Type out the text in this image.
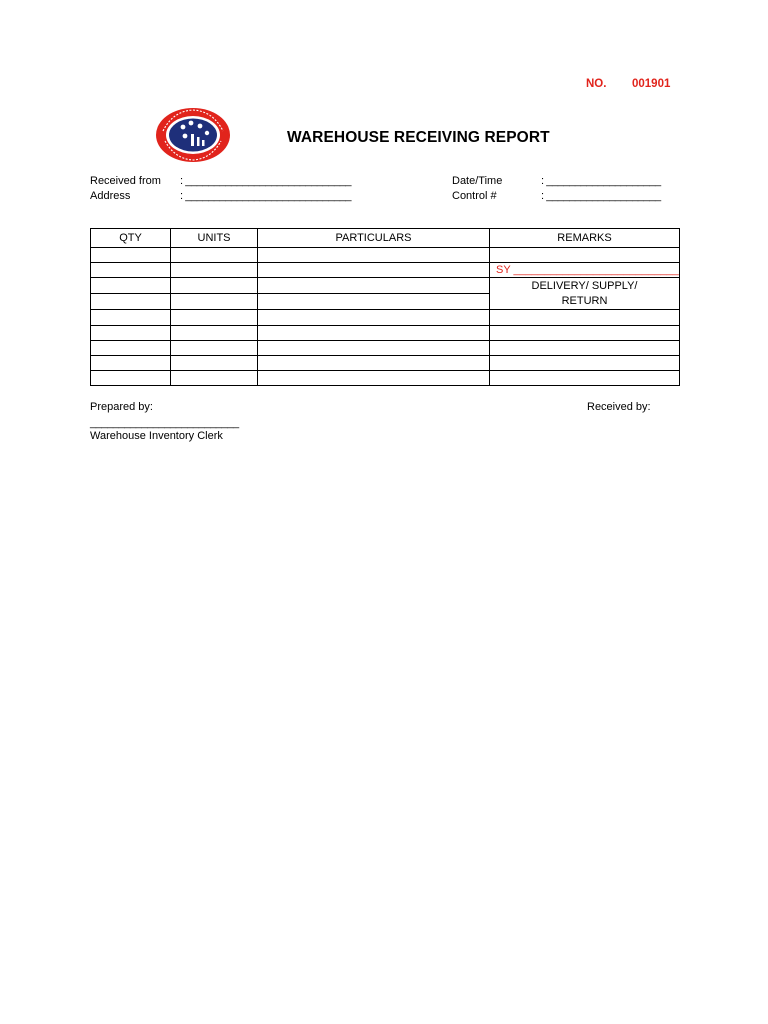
NO. 001901
WAREHOUSE RECEIVING REPORT
Received from : _____________________________
Address	: _____________________________
Date/Time	: ____________________
Control #	: ____________________
QTY	UNITS	PARTICULARS	REMARKS

			SY ___________________________

			DELIVERY/ SUPPLY/
RETURN

Prepared by:	Received by:
__________________________
Warehouse Inventory Clerk
